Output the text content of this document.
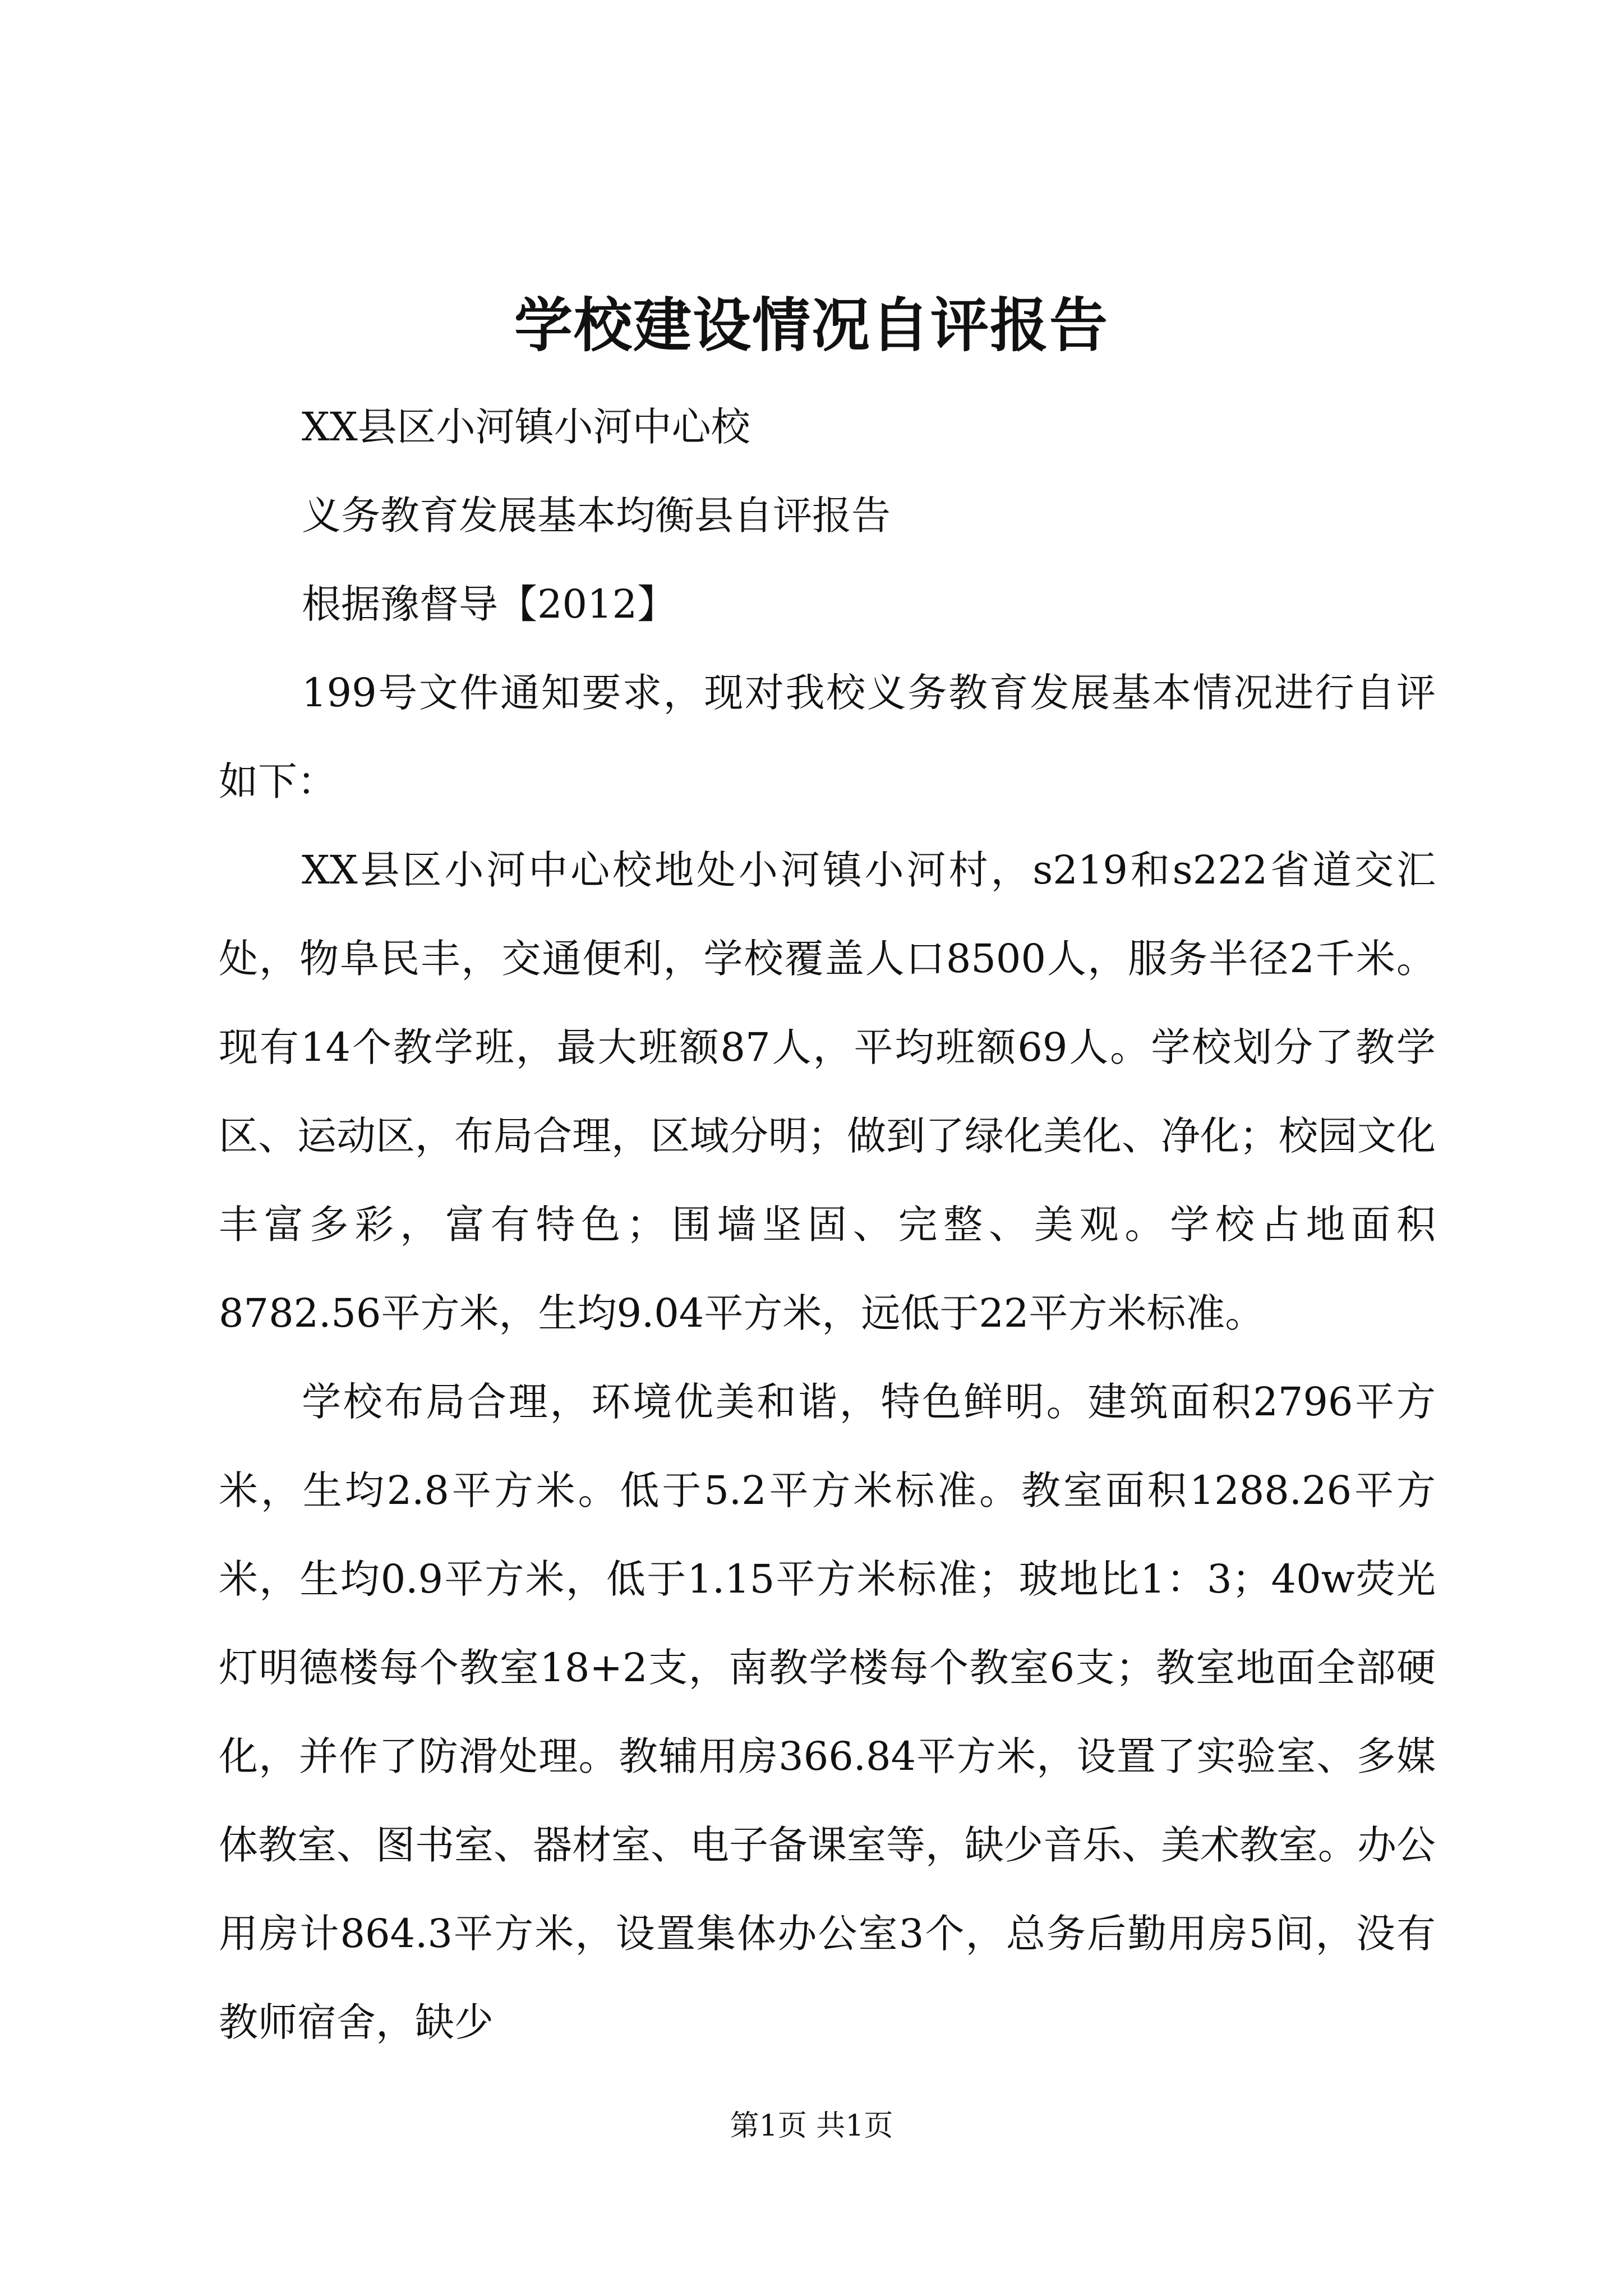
学校建设情况自评报告

XX县区小河镇小河中心校

义务教育发展基本均衡县自评报告

根据豫督导【2012】

199号文件通知要求，现对我校义务教育发展基本情况进行自评如下：

XX县区小河中心校地处小河镇小河村，s219和s222省道交汇处，物阜民丰，交通便利，学校覆盖人口8500人，服务半径2千米。现有14个教学班，最大班额87人，平均班额69人。学校划分了教学区、运动区，布局合理，区域分明；做到了绿化美化、净化；校园文化丰富多彩，富有特色；围墙坚固、完整、美观。学校占地面积8782.56平方米，生均9.04平方米，远低于22平方米标准。

学校布局合理，环境优美和谐，特色鲜明。建筑面积2796平方米，生均2.8平方米。低于5.2平方米标准。教室面积1288.26平方米，生均0.9平方米，低于1.15平方米标准；玻地比1：3；40w荧光灯明德楼每个教室18+2支，南教学楼每个教室6支；教室地面全部硬化，并作了防滑处理。教辅用房366.84平方米，设置了实验室、多媒体教室、图书室、器材室、电子备课室等，缺少音乐、美术教室。办公用房计864.3平方米，设置集体办公室3个，总务后勤用房5间，没有教师宿舍，缺少

第1页 共1页
